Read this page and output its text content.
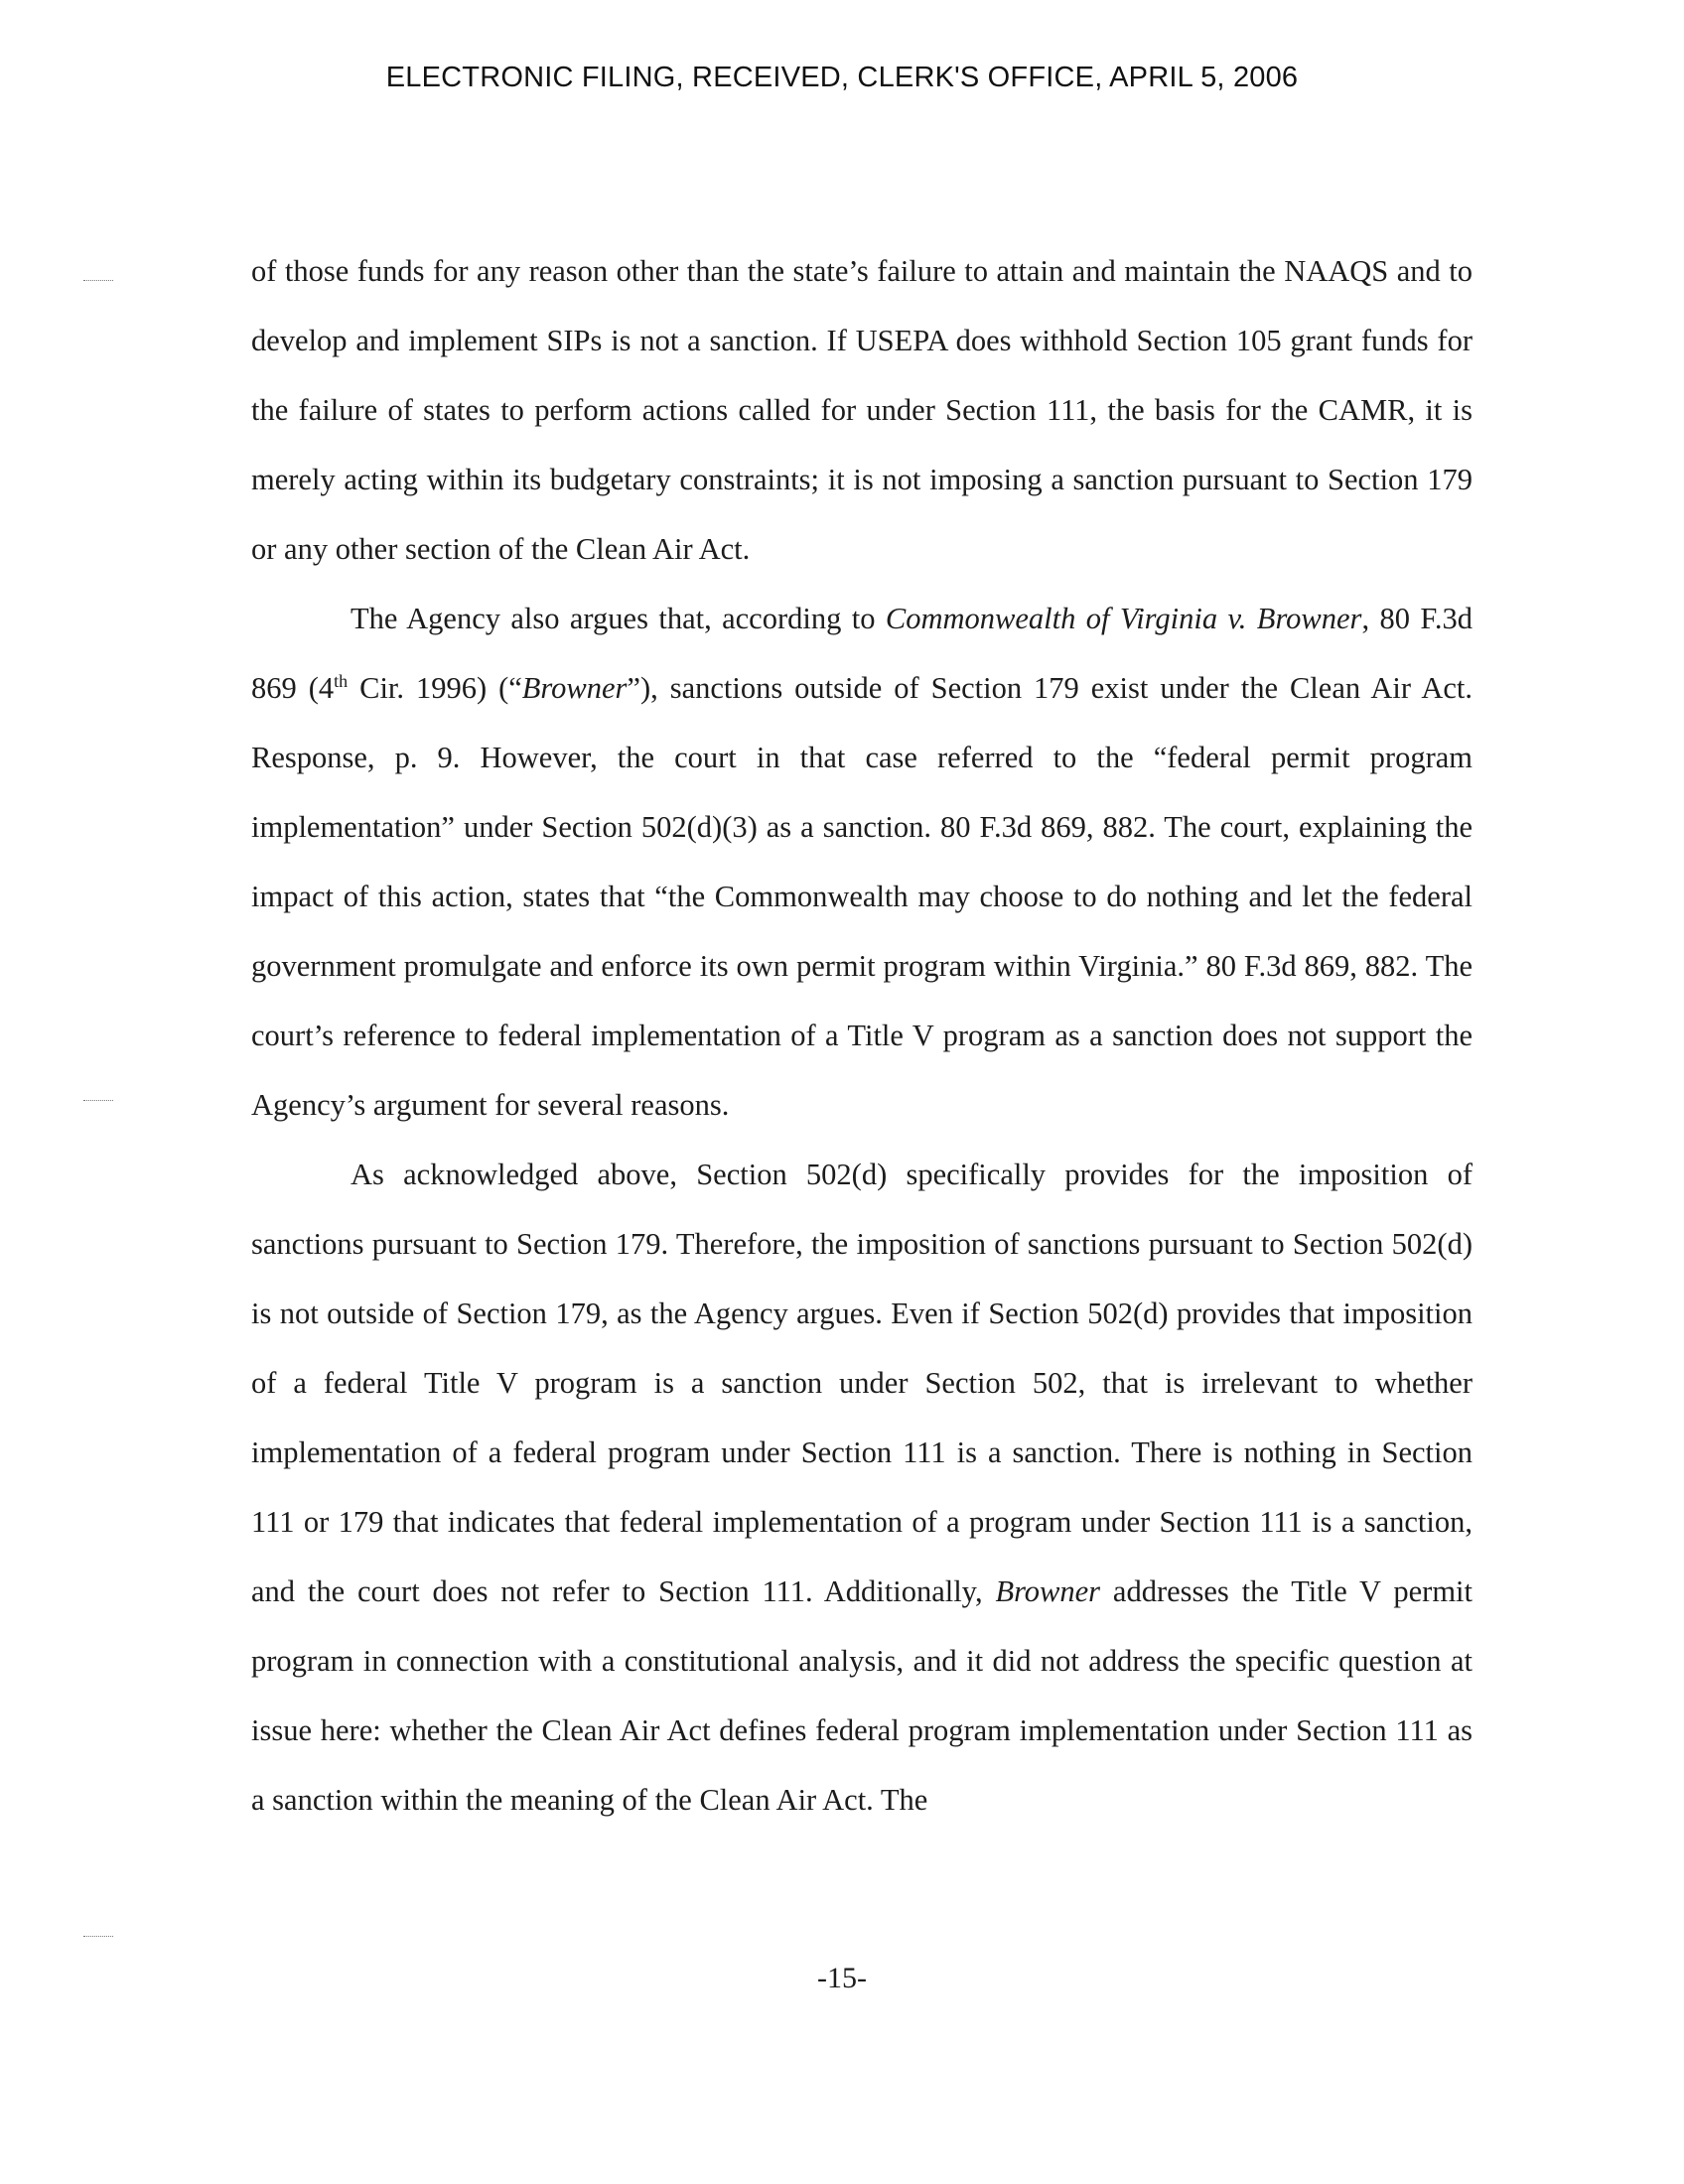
ELECTRONIC FILING, RECEIVED, CLERK'S OFFICE, APRIL 5, 2006

of those funds for any reason other than the state’s failure to attain and maintain the NAAQS and to develop and implement SIPs is not a sanction. If USEPA does withhold Section 105 grant funds for the failure of states to perform actions called for under Section 111, the basis for the CAMR, it is merely acting within its budgetary constraints; it is not imposing a sanction pursuant to Section 179 or any other section of the Clean Air Act.

The Agency also argues that, according to Commonwealth of Virginia v. Browner, 80 F.3d 869 (4th Cir. 1996) (“Browner”), sanctions outside of Section 179 exist under the Clean Air Act. Response, p. 9. However, the court in that case referred to the “federal permit program implementation” under Section 502(d)(3) as a sanction. 80 F.3d 869, 882. The court, explaining the impact of this action, states that “the Commonwealth may choose to do nothing and let the federal government promulgate and enforce its own permit program within Virginia.” 80 F.3d 869, 882. The court’s reference to federal implementation of a Title V program as a sanction does not support the Agency’s argument for several reasons.

As acknowledged above, Section 502(d) specifically provides for the imposition of sanctions pursuant to Section 179. Therefore, the imposition of sanctions pursuant to Section 502(d) is not outside of Section 179, as the Agency argues. Even if Section 502(d) provides that imposition of a federal Title V program is a sanction under Section 502, that is irrelevant to whether implementation of a federal program under Section 111 is a sanction. There is nothing in Section 111 or 179 that indicates that federal implementation of a program under Section 111 is a sanction, and the court does not refer to Section 111. Additionally, Browner addresses the Title V permit program in connection with a constitutional analysis, and it did not address the specific question at issue here: whether the Clean Air Act defines federal program implementation under Section 111 as a sanction within the meaning of the Clean Air Act. The

-15-
